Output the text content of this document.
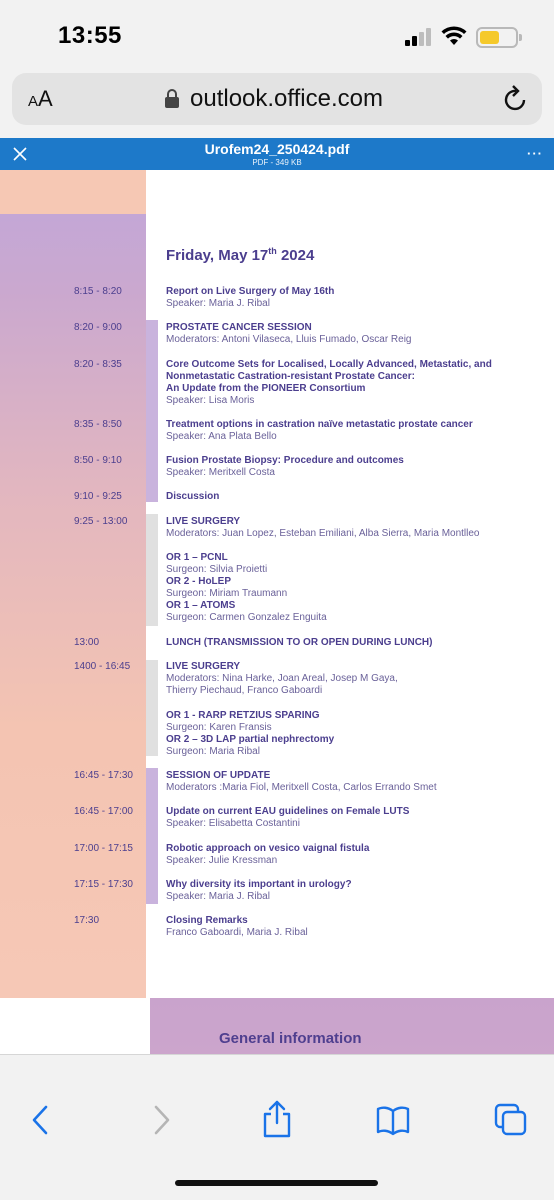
13:55
AA	outlook.office.com
Urofem24_250424.pdf
PDF - 349 KB
···
Friday, May 17th 2024
8:15 - 8:20	Report on Live Surgery of May 16th
Speaker: Maria J. Ribal
8:20 - 9:00	PROSTATE CANCER SESSION
Moderators: Antoni Vilaseca, Lluis Fumado, Oscar Reig
8:20 - 8:35	Core Outcome Sets for Localised, Locally Advanced, Metastatic, and
Nonmetastatic Castration-resistant Prostate Cancer:
An Update from the PIONEER Consortium
Speaker: Lisa Moris
8:35 - 8:50	Treatment options in castration naïve metastatic prostate cancer
Speaker: Ana Plata Bello
8:50 - 9:10	Fusion Prostate Biopsy: Procedure and outcomes
Speaker: Meritxell Costa
9:10 - 9:25	Discussion
9:25 - 13:00	LIVE SURGERY
Moderators: Juan Lopez, Esteban Emiliani, Alba Sierra, Maria Montlleo
OR 1 – PCNL
Surgeon: Silvia Proietti
OR 2 - HoLEP
Surgeon: Miriam Traumann
OR 1 – ATOMS
Surgeon: Carmen Gonzalez Enguita
13:00	LUNCH (TRANSMISSION TO OR OPEN DURING LUNCH)
1400 - 16:45	LIVE SURGERY
Moderators: Nina Harke, Joan Areal, Josep M Gaya,
Thierry Piechaud, Franco Gaboardi
OR 1 - RARP RETZIUS SPARING
Surgeon: Karen Fransis
OR 2 – 3D LAP partial nephrectomy
Surgeon: Maria Ribal
16:45 - 17:30	SESSION OF UPDATE
Moderators :Maria Fiol, Meritxell Costa, Carlos Errando Smet
16:45 - 17:00	Update on current EAU guidelines on Female LUTS
Speaker: Elisabetta Costantini
17:00 - 17:15	Robotic approach on vesico vaignal fistula
Speaker: Julie Kressman
17:15 - 17:30	Why diversity its important in urology?
Speaker: Maria J. Ribal
17:30	Closing Remarks
Franco Gaboardi, Maria J. Ribal
General information
